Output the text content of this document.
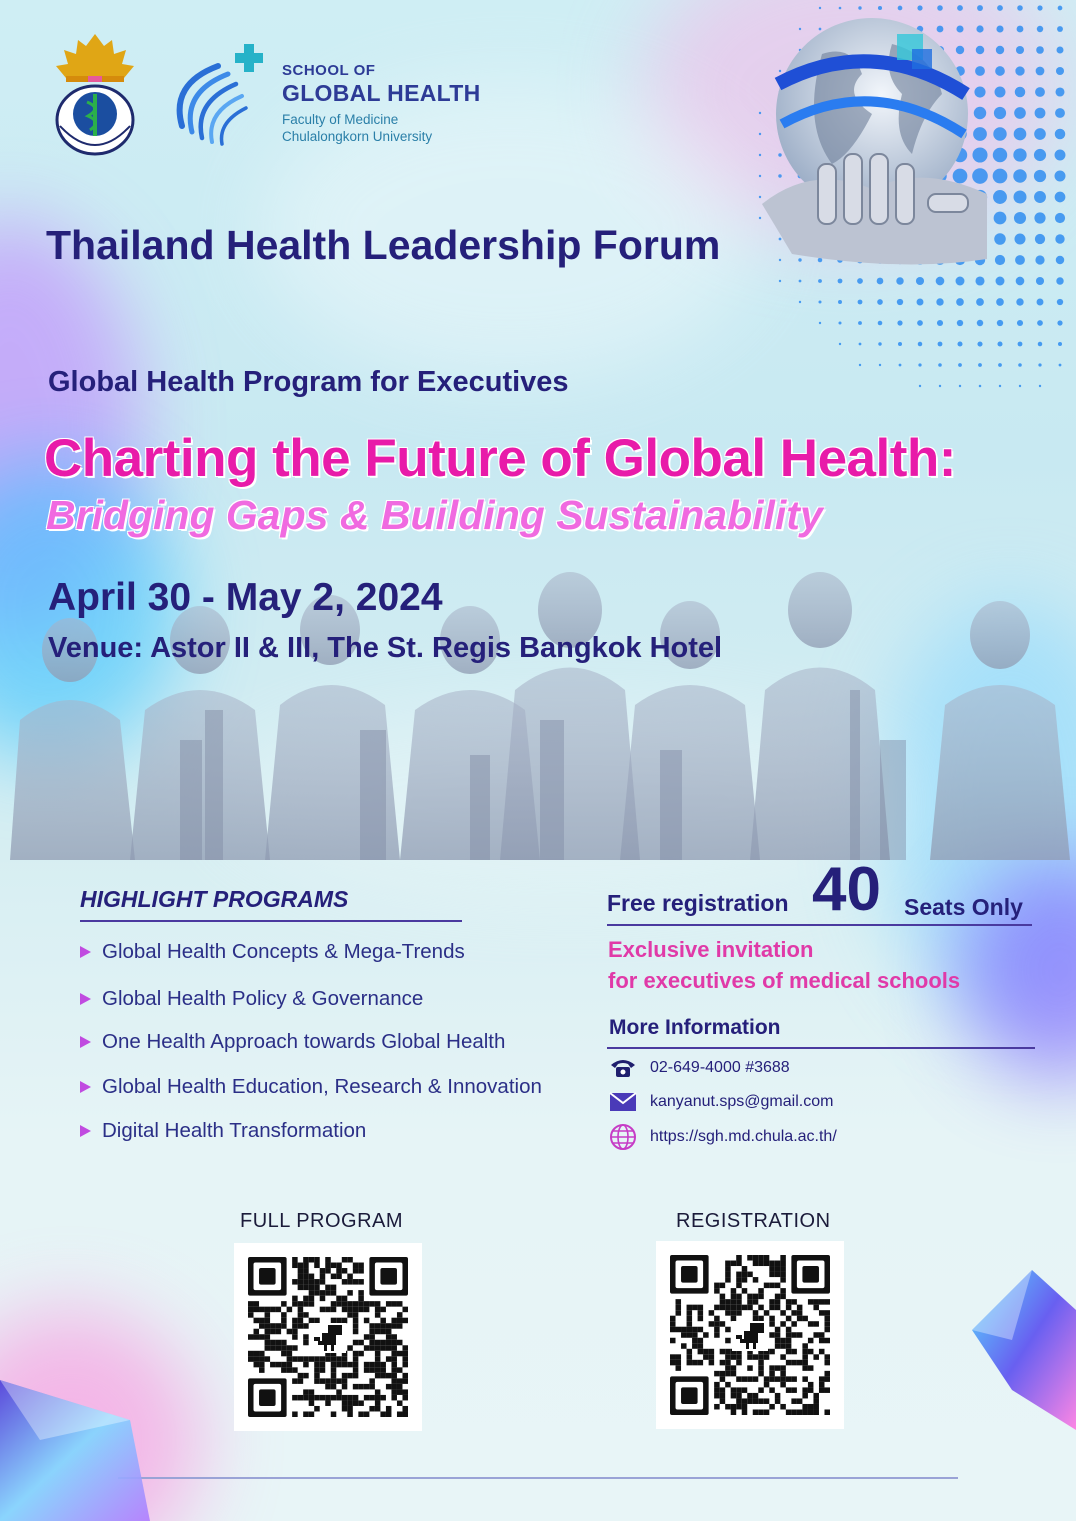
SCHOOL OF
GLOBAL HEALTH
Faculty of Medicine
Chulalongkorn University
Thailand Health Leadership Forum
Global Health Program for Executives
Charting the Future of Global Health:
Bridging Gaps & Building Sustainability
April 30 - May 2, 2024
Venue: Astor II & III, The St. Regis Bangkok Hotel
HIGHLIGHT PROGRAMS
Global Health Concepts & Mega-Trends
Global Health Policy & Governance
One Health Approach towards Global Health
Global Health Education, Research & Innovation
Digital Health Transformation
Free registration 40 Seats Only
Exclusive invitation
for executives of medical schools
More Information
02-649-4000 #3688
kanyanut.sps@gmail.com
https://sgh.md.chula.ac.th/
FULL PROGRAM	REGISTRATION
